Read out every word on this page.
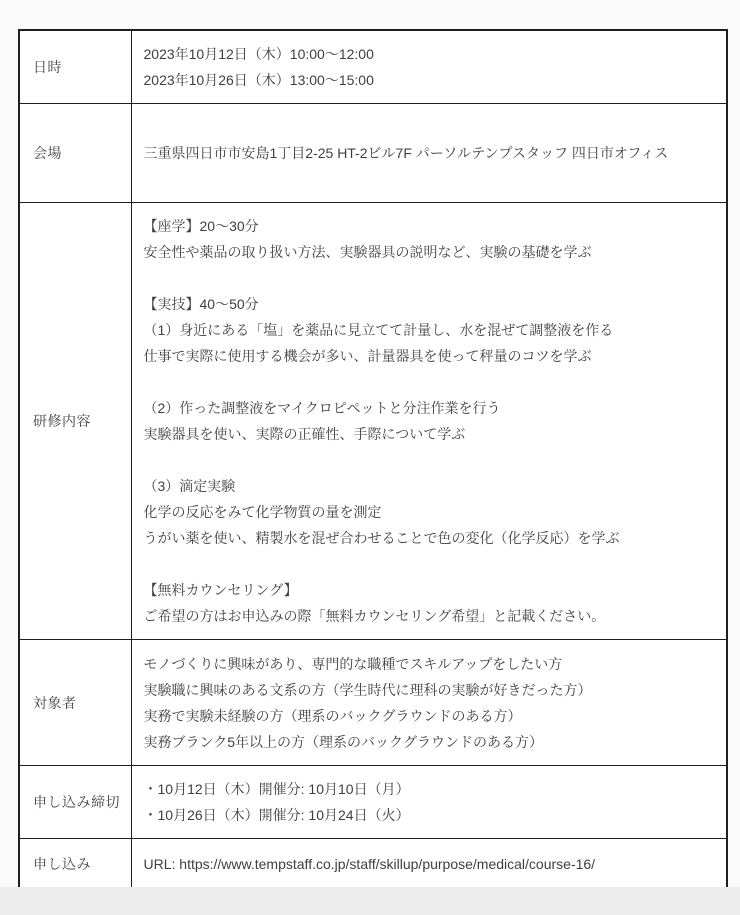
日時	2023年10月12日（木）10:00～12:00
2023年10月26日（木）13:00～15:00

会場	三重県四日市市安島1丁目2-25 HT-2ビル7F パーソルテンプスタッフ 四日市オフィス

研修内容	
【座学】20～30分
安全性や薬品の取り扱い方法、実験器具の説明など、実験の基礎を学ぶ
【実技】40～50分
（1）身近にある「塩」を薬品に見立てて計量し、水を混ぜて調整液を作る
仕事で実際に使用する機会が多い、計量器具を使って秤量のコツを学ぶ
（2）作った調整液をマイクロピペットと分注作業を行う
実験器具を使い、実際の正確性、手際について学ぶ
（3）滴定実験
化学の反応をみて化学物質の量を測定
うがい薬を使い、精製水を混ぜ合わせることで色の変化（化学反応）を学ぶ
【無料カウンセリング】
ご希望の方はお申込みの際「無料カウンセリング希望」と記載ください。

対象者	モノづくりに興味があり、専門的な職種でスキルアップをしたい方
実験職に興味のある文系の方（学生時代に理科の実験が好きだった方）
実務で実験未経験の方（理系のバックグラウンドのある方）
実務ブランク5年以上の方（理系のバックグラウンドのある方）

申し込み締切	・10月12日（木）開催分: 10月10日（月）
・10月26日（木）開催分: 10月24日（火）

申し込み	URL: https://www.tempstaff.co.jp/staff/skillup/purpose/medical/course-16/
